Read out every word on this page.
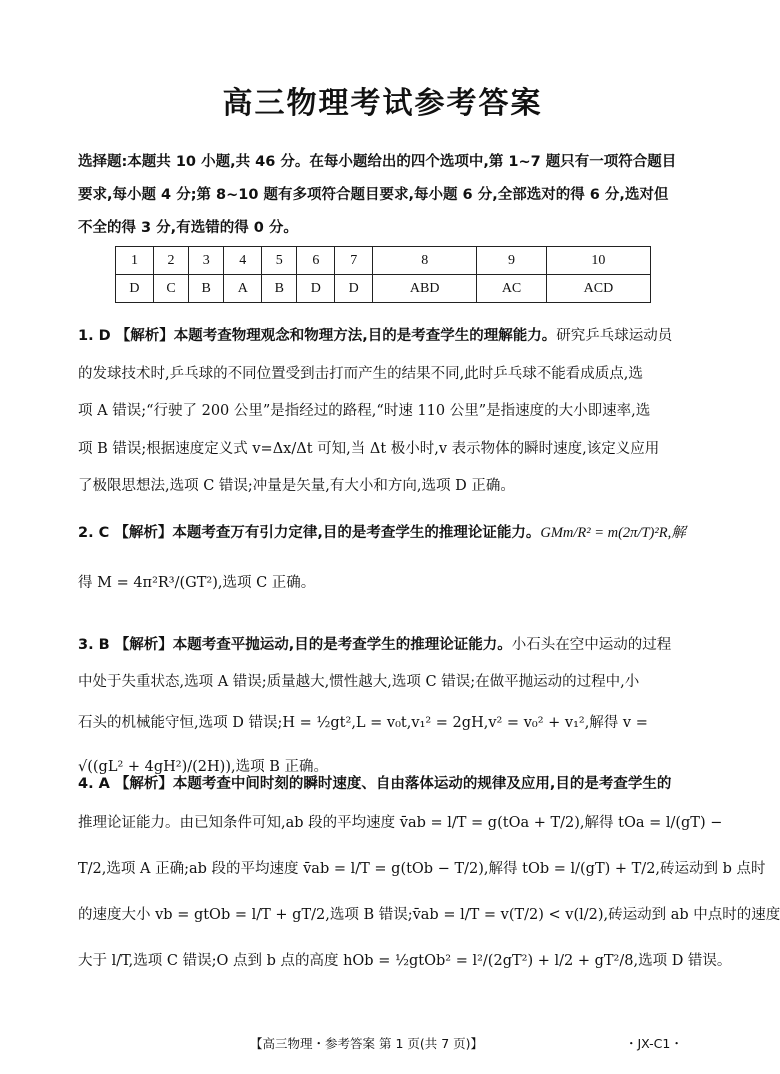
高三物理考试参考答案
选择题:本题共 10 小题,共 46 分。在每小题给出的四个选项中,第 1~7 题只有一项符合题目要求,每小题 4 分;第 8~10 题有多项符合题目要求,每小题 6 分,全部选对的得 6 分,选对但不全的得 3 分,有选错的得 0 分。
1	2	3	4	5	6	7	8	9	10
D	C	B	A	B	D	D	ABD	AC	ACD

1. D 【解析】本题考查物理观念和物理方法,目的是考查学生的理解能力。研究乒乓球运动员

的发球技术时,乒乓球的不同位置受到击打而产生的结果不同,此时乒乓球不能看成质点,选

项 A 错误;“行驶了 200 公里”是指经过的路程,“时速 110 公里”是指速度的大小即速率,选

项 B 错误;根据速度定义式 v=Δx/Δt 可知,当 Δt 极小时,v 表示物体的瞬时速度,该定义应用

了极限思想法,选项 C 错误;冲量是矢量,有大小和方向,选项 D 正确。

2. C 【解析】本题考查万有引力定律,目的是考查学生的推理论证能力。GMm/R² = m(2π/T)²R,解

得 M = 4π²R³/(GT²),选项 C 正确。

3. B 【解析】本题考查平抛运动,目的是考查学生的推理论证能力。小石头在空中运动的过程

中处于失重状态,选项 A 错误;质量越大,惯性越大,选项 C 错误;在做平抛运动的过程中,小

石头的机械能守恒,选项 D 错误;H = ½gt²,L = v₀t,v₁² = 2gH,v² = v₀² + v₁²,解得 v =

√((gL² + 4gH²)/(2H)),选项 B 正确。

4. A 【解析】本题考查中间时刻的瞬时速度、自由落体运动的规律及应用,目的是考查学生的

推理论证能力。由已知条件可知,ab 段的平均速度 v̄ab = l/T = g(tOa + T/2),解得 tOa = l/(gT) −

T/2,选项 A 正确;ab 段的平均速度 v̄ab = l/T = g(tOb − T/2),解得 tOb = l/(gT) + T/2,砖运动到 b 点时

的速度大小 vb = gtOb = l/T + gT/2,选项 B 错误;v̄ab = l/T = v(T/2) < v(l/2),砖运动到 ab 中点时的速度

大于 l/T,选项 C 错误;O 点到 b 点的高度 hOb = ½gtOb² = l²/(2gT²) + l/2 + gT²/8,选项 D 错误。

【高三物理・参考答案 第 1 页(共 7 页)】	・JX-C1・
